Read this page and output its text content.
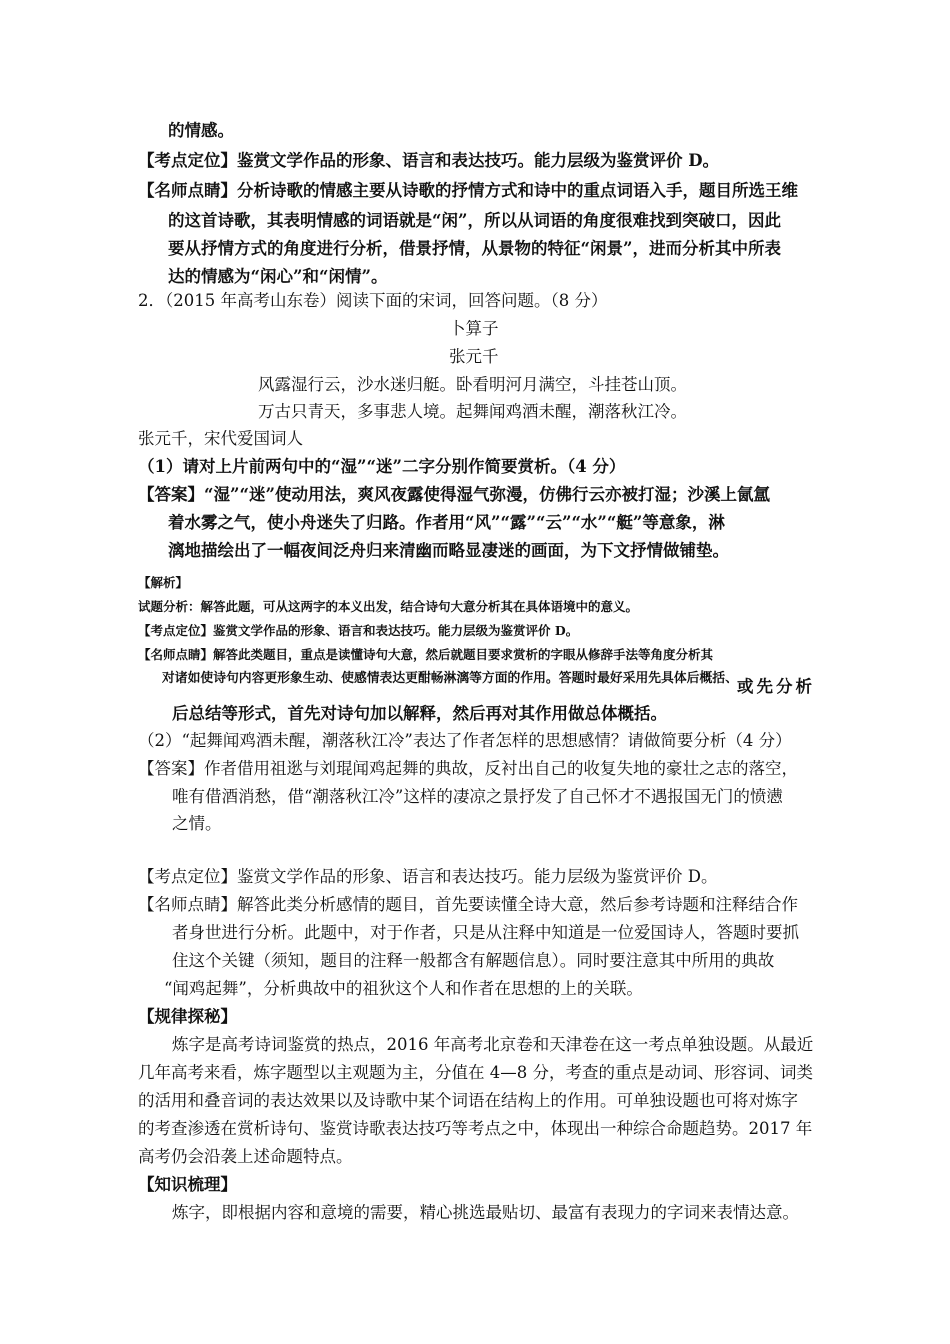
的情感。
【考点定位】鉴赏文学作品的形象、语言和表达技巧。能力层级为鉴赏评价 D。
【名师点睛】分析诗歌的情感主要从诗歌的抒情方式和诗中的重点词语入手，题目所选王维
的这首诗歌，其表明情感的词语就是“闲”，所以从词语的角度很难找到突破口，因此
要从抒情方式的角度进行分析，借景抒情，从景物的特征“闲景”，进而分析其中所表
达的情感为“闲心”和“闲情”。
2．（2015 年高考山东卷）阅读下面的宋词，回答问题。（8 分）
卜算子
张元千
风露湿行云，沙水迷归艇。卧看明河月满空，斗挂苍山顶。
万古只青天，多事悲人境。起舞闻鸡酒未醒，潮落秋江冷。
张元千，宋代爱国词人
（1）请对上片前两句中的“湿”“迷”二字分别作简要赏析。（4 分）
【答案】“湿”“迷”使动用法，爽风夜露使得湿气弥漫，仿佛行云亦被打湿；沙溪上氤氲
着水雾之气，使小舟迷失了归路。作者用“风”“露”“云”“水”“艇”等意象，淋
漓地描绘出了一幅夜间泛舟归来清幽而略显凄迷的画面，为下文抒情做铺垫。
【解析】
试题分析：解答此题，可从这两字的本义出发，结合诗句大意分析其在具体语境中的意义。
【考点定位】鉴赏文学作品的形象、语言和表达技巧。能力层级为鉴赏评价 D。
【名师点睛】解答此类题目，重点是读懂诗句大意，然后就题目要求赏析的字眼从修辞手法等角度分析其
对诸如使诗句内容更形象生动、使感情表达更酣畅淋漓等方面的作用。答题时最好采用先具体后概括、 或先分析
后总结等形式，首先对诗句加以解释，然后再对其作用做总体概括。
（2）“起舞闻鸡酒未醒，潮落秋江冷”表达了作者怎样的思想感情？请做简要分析（4 分）
【答案】作者借用祖逖与刘琨闻鸡起舞的典故，反衬出自己的收复失地的豪壮之志的落空，
唯有借酒消愁，借“潮落秋江冷”这样的凄凉之景抒发了自己怀才不遇报国无门的愤懑
之情。
【考点定位】鉴赏文学作品的形象、语言和表达技巧。能力层级为鉴赏评价 D。
【名师点睛】解答此类分析感情的题目，首先要读懂全诗大意，然后参考诗题和注释结合作
者身世进行分析。此题中，对于作者，只是从注释中知道是一位爱国诗人，答题时要抓
住这个关键（须知，题目的注释一般都含有解题信息）。同时要注意其中所用的典故
“闻鸡起舞”，分析典故中的祖狄这个人和作者在思想的上的关联。
【规律探秘】
炼字是高考诗词鉴赏的热点，2016 年高考北京卷和天津卷在这一考点单独设题。从最近
几年高考来看，炼字题型以主观题为主，分值在 4—8 分，考查的重点是动词、形容词、词类
的活用和叠音词的表达效果以及诗歌中某个词语在结构上的作用。可单独设题也可将对炼字
的考查渗透在赏析诗句、鉴赏诗歌表达技巧等考点之中，体现出一种综合命题趋势。2017 年
高考仍会沿袭上述命题特点。
【知识梳理】
炼字，即根据内容和意境的需要，精心挑选最贴切、最富有表现力的字词来表情达意。
